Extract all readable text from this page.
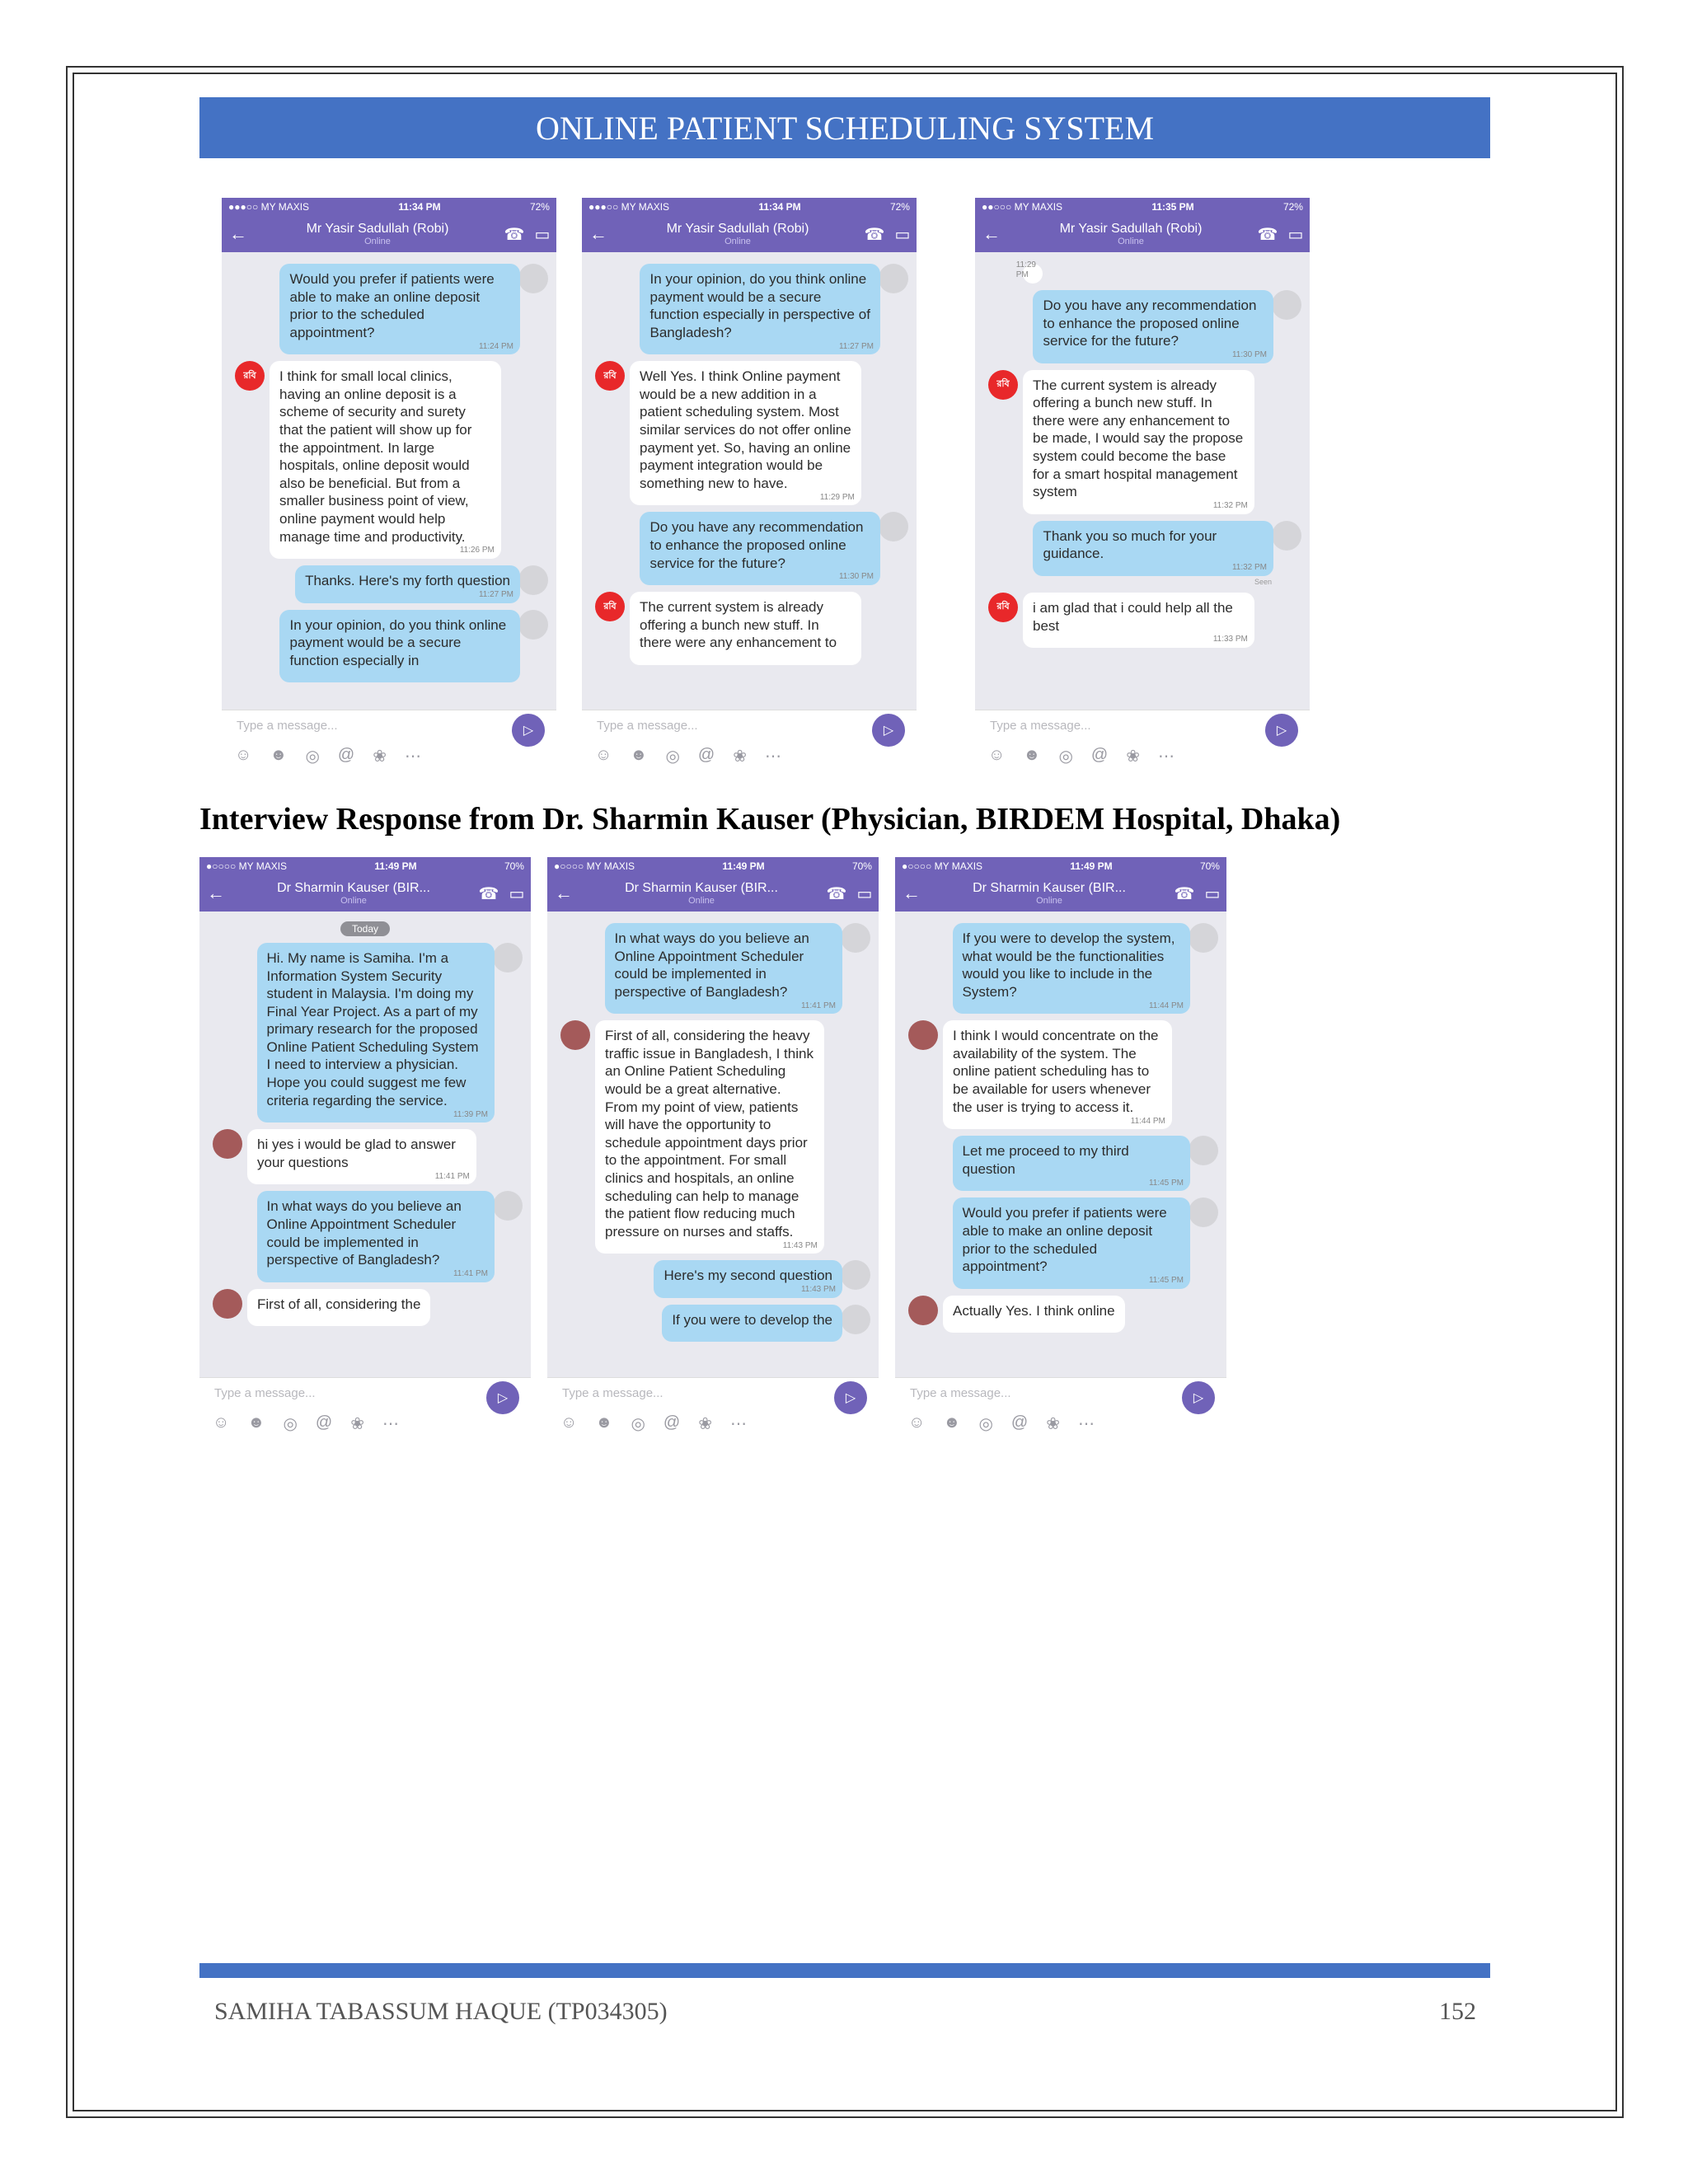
ONLINE PATIENT SCHEDULING SYSTEM
●●●○○ MY MAXIS	11:34 PM	72%
←	Mr Yasir Sadullah (Robi)
Online	☎ ▭
Would you prefer if patients were able to make an online deposit prior to the scheduled appointment?
11:24 PM
রবি	I think for small local clinics, having an online deposit is a scheme of security and surety that the patient will show up for the appointment. In large hospitals, online deposit would also be beneficial. But from a smaller business point of view, online payment would help manage time and productivity.
11:26 PM
Thanks. Here's my forth question
11:27 PM
In your opinion, do you think online payment would be a secure function especially in
Type a message...	▷
☺ ☻ ◎ @ ❀ ⋯
●●●○○ MY MAXIS	11:34 PM	72%
←	Mr Yasir Sadullah (Robi)
Online	☎ ▭
In your opinion, do you think online payment would be a secure function especially in perspective of Bangladesh?
11:27 PM
রবি	Well Yes. I think Online payment would be a new addition in a patient scheduling system. Most similar services do not offer online payment yet. So, having an online payment integration would be something new to have.
11:29 PM
Do you have any recommendation to enhance the proposed online service for the future?
11:30 PM
রবি	The current system is already offering a bunch new stuff. In there were any enhancement to
Type a message...	▷
☺ ☻ ◎ @ ❀ ⋯
●●○○○ MY MAXIS	11:35 PM	72%
←	Mr Yasir Sadullah (Robi)
Online	☎ ▭
11:29 PM
Do you have any recommendation to enhance the proposed online service for the future?
11:30 PM
রবি	The current system is already offering a bunch new stuff. In there were any enhancement to be made, I would say the propose system could become the base for a smart hospital management system
11:32 PM
Thank you so much for your guidance.
11:32 PM
Seen
রবি	i am glad that i could help all the best
11:33 PM
Type a message...	▷
☺ ☻ ◎ @ ❀ ⋯
Interview Response from Dr. Sharmin Kauser (Physician, BIRDEM Hospital, Dhaka)
●○○○○ MY MAXIS	11:49 PM	70%
←	Dr Sharmin Kauser (BIR...
Online	☎ ▭
Today
Hi. My name is Samiha. I'm a Information System Security student in Malaysia. I'm doing my Final Year Project. As a part of my primary research for the proposed Online Patient Scheduling System I need to interview a physician. Hope you could suggest me few criteria regarding the service.
11:39 PM
hi yes i would be glad to answer your questions
11:41 PM
In what ways do you believe an Online Appointment Scheduler could be implemented in perspective of Bangladesh?
11:41 PM
First of all, considering the
Type a message...	▷
☺ ☻ ◎ @ ❀ ⋯
●○○○○ MY MAXIS	11:49 PM	70%
←	Dr Sharmin Kauser (BIR...
Online	☎ ▭
In what ways do you believe an Online Appointment Scheduler could be implemented in perspective of Bangladesh?
11:41 PM
First of all, considering the heavy traffic issue in Bangladesh, I think an Online Patient Scheduling would be a great alternative. From my point of view, patients will have the opportunity to schedule appointment days prior to the appointment. For small clinics and hospitals, an online scheduling can help to manage the patient flow reducing much pressure on nurses and staffs.
11:43 PM
Here's my second question
11:43 PM
If you were to develop the
Type a message...	▷
☺ ☻ ◎ @ ❀ ⋯
●○○○○ MY MAXIS	11:49 PM	70%
←	Dr Sharmin Kauser (BIR...
Online	☎ ▭
If you were to develop the system, what would be the functionalities would you like to include in the System?
11:44 PM
I think I would concentrate on the availability of the system. The online patient scheduling has to be available for users whenever the user is trying to access it.
11:44 PM
Let me proceed to my third question
11:45 PM
Would you prefer if patients were able to make an online deposit prior to the scheduled appointment?
11:45 PM
Actually Yes. I think online
Type a message...	▷
☺ ☻ ◎ @ ❀ ⋯
SAMIHA TABASSUM HAQUE (TP034305)	152
